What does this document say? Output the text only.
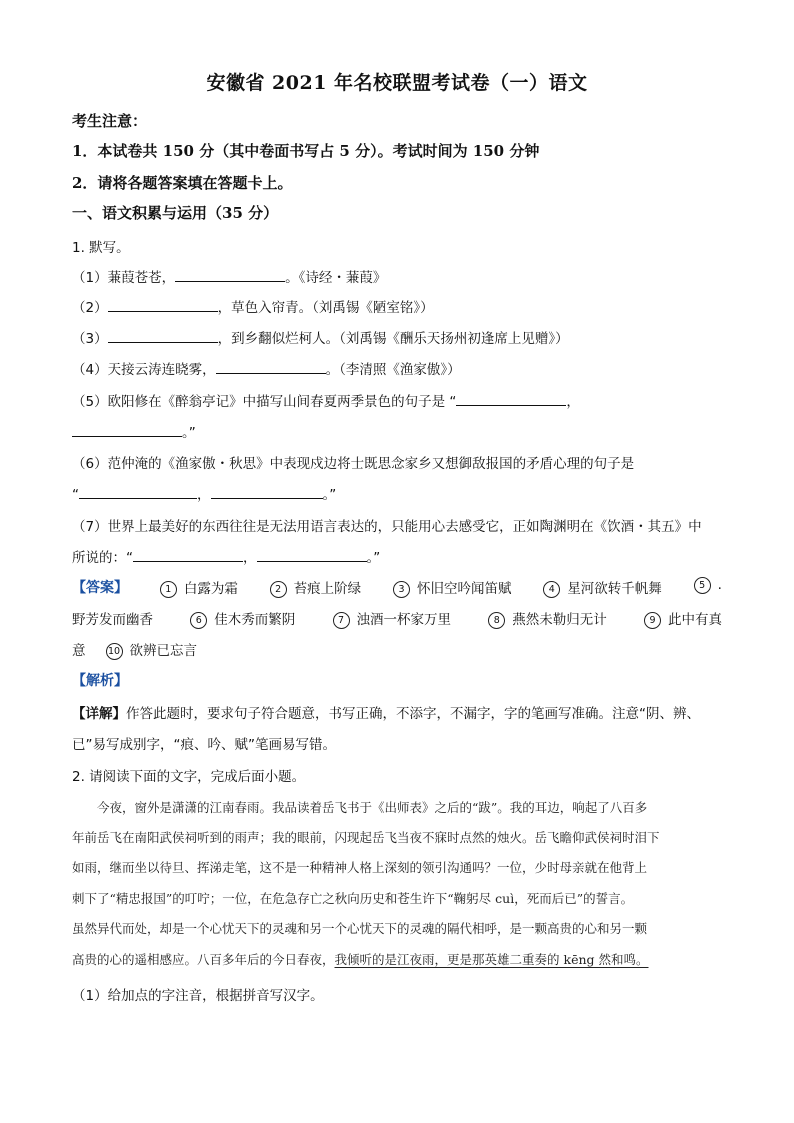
安徽省 2021 年名校联盟考试卷（一）语文
考生注意：
1．本试卷共 150 分（其中卷面书写占 5 分）。考试时间为 150 分钟
2．请将各题答案填在答题卡上。
一、语文积累与运用（35 分）
1. 默写。
（1）蒹葭苍苍，	。《诗经・蒹葭》
（2）	，草色入帘青。（刘禹锡《陋室铭》）
（3）	，到乡翻似烂柯人。（刘禹锡《酬乐天扬州初逢席上见赠》）
（4）天接云涛连晓雾，	。（李清照《渔家傲》）
（5）欧阳修在《醉翁亭记》中描写山间春夏两季景色的句子是 “	，
。”
（6）范仲淹的《渔家傲・秋思》中表现戍边将士既思念家乡又想御敌报国的矛盾心理的句子是
“	，	。”
（7）世界上最美好的东西往往是无法用语言表达的，只能用心去感受它，正如陶渊明在《饮酒・其五》中
所说的：“	，	。”
【答案】	1 白露为霜	2 苔痕上阶绿	3 怀旧空吟闻笛赋	4 星河欲转千帆舞	5 .
野芳发而幽香	6 佳木秀而繁阴	7 浊酒一杯家万里	8 燕然未勒归无计	9 此中有真
意 10 欲辨已忘言
【解析】
【详解】作答此题时，要求句子符合题意，书写正确，不添字，不漏字，字的笔画写准确。注意“阴、辨、
已”易写成别字，“痕、吟、赋”笔画易写错。
2. 请阅读下面的文字，完成后面小题。
今夜，窗外是潇潇的江南春雨。我品读着岳飞书于《出师表》之后的“跋”。我的耳边，响起了八百多
年前岳飞在南阳武侯祠听到的雨声；我的眼前，闪现起岳飞当夜不寐时点然的烛火。岳飞瞻仰武侯祠时泪下
如雨，继而坐以待旦、挥涕走笔，这不是一种精神人格上深刻的领引沟通吗？一位，少时母亲就在他背上
刺下了“精忠报国”的叮咛；一位，在危急存亡之秋向历史和苍生许下“鞠躬尽 cuì，死而后已”的誓言。
虽然异代而处，却是一个心忧天下的灵魂和另一个心忧天下的灵魂的隔代相呼，是一颗高贵的心和另一颗
高贵的心的遥相感应。八百多年后的今日春夜，我倾听的是江夜雨，更是那英雄二重奏的 kēng 然和鸣。
（1）给加点的字注音，根据拼音写汉字。
